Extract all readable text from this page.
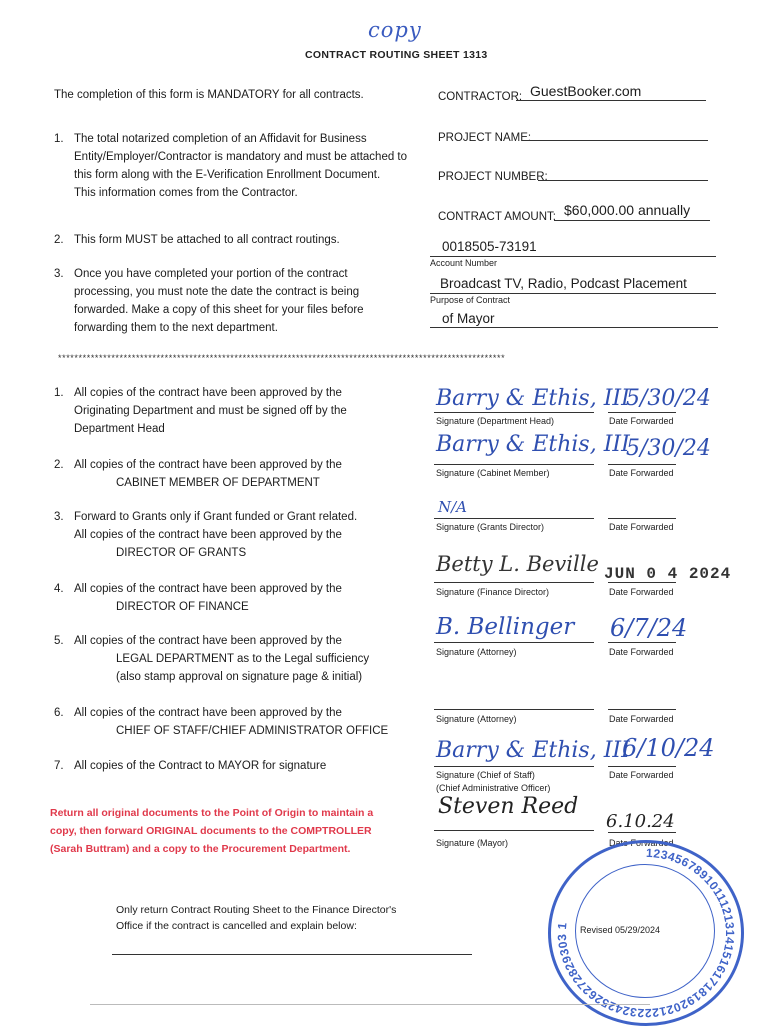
copy
CONTRACT ROUTING SHEET 1313
The completion of this form is MANDATORY for all contracts.
1. The total notarized completion of an Affidavit for Business Entity/Employer/Contractor is mandatory and must be attached to this form along with the E-Verification Enrollment Document.
This information comes from the Contractor.
2. This form MUST be attached to all contract routings.
3. Once you have completed your portion of the contract processing, you must note the date the contract is being forwarded. Make a copy of this sheet for your files before forwarding them to the next department.
CONTRACTOR: GuestBooker.com
PROJECT NAME:
PROJECT NUMBER:
CONTRACT AMOUNT: $60,000.00 annually
0018505-73191
Account Number
Broadcast TV, Radio, Podcast Placement
Purpose of Contract
of Mayor
*************************************************************************************************************
1. All copies of the contract have been approved by the
Originating Department and must be signed off by the
Department Head
Barry & Ethis, III
5/30/24
Signature (Department Head)	Date Forwarded
2. All copies of the contract have been approved by the
CABINET MEMBER OF DEPARTMENT
Barry & Ethis, III
5/30/24
Signature (Cabinet Member)	Date Forwarded
3. Forward to Grants only if Grant funded or Grant related.
All copies of the contract have been approved by the
DIRECTOR OF GRANTS
N/A
Signature (Grants Director)	Date Forwarded
4. All copies of the contract have been approved by the
DIRECTOR OF FINANCE
Betty L. Beville JUN 0 4 2024
Signature (Finance Director)	Date Forwarded
5. All copies of the contract have been approved by the
LEGAL DEPARTMENT as to the Legal sufficiency
(also stamp approval on signature page & initial)
B. Bellinger 6/7/24
Signature (Attorney)	Date Forwarded
6. All copies of the contract have been approved by the
CHIEF OF STAFF/CHIEF ADMINISTRATOR OFFICE
Signature (Attorney)	Date Forwarded
7. All copies of the Contract to MAYOR for signature
Barry & Ethis, III
6/10/24
Signature (Chief of Staff)
(Chief Administrative Officer)
Date Forwarded
Steven Reed
6.10.24
Signature (Mayor)	Date Forwarded
Return all original documents to the Point of Origin to maintain a copy, then forward ORIGINAL documents to the COMPTROLLER (Sarah Buttram) and a copy to the Procurement Department.
Only return Contract Routing Sheet to the Finance Director's Office if the contract is cancelled and explain below:
1234567891011121314151617181920212223242526272829303 1	Revised 05/29/2024
